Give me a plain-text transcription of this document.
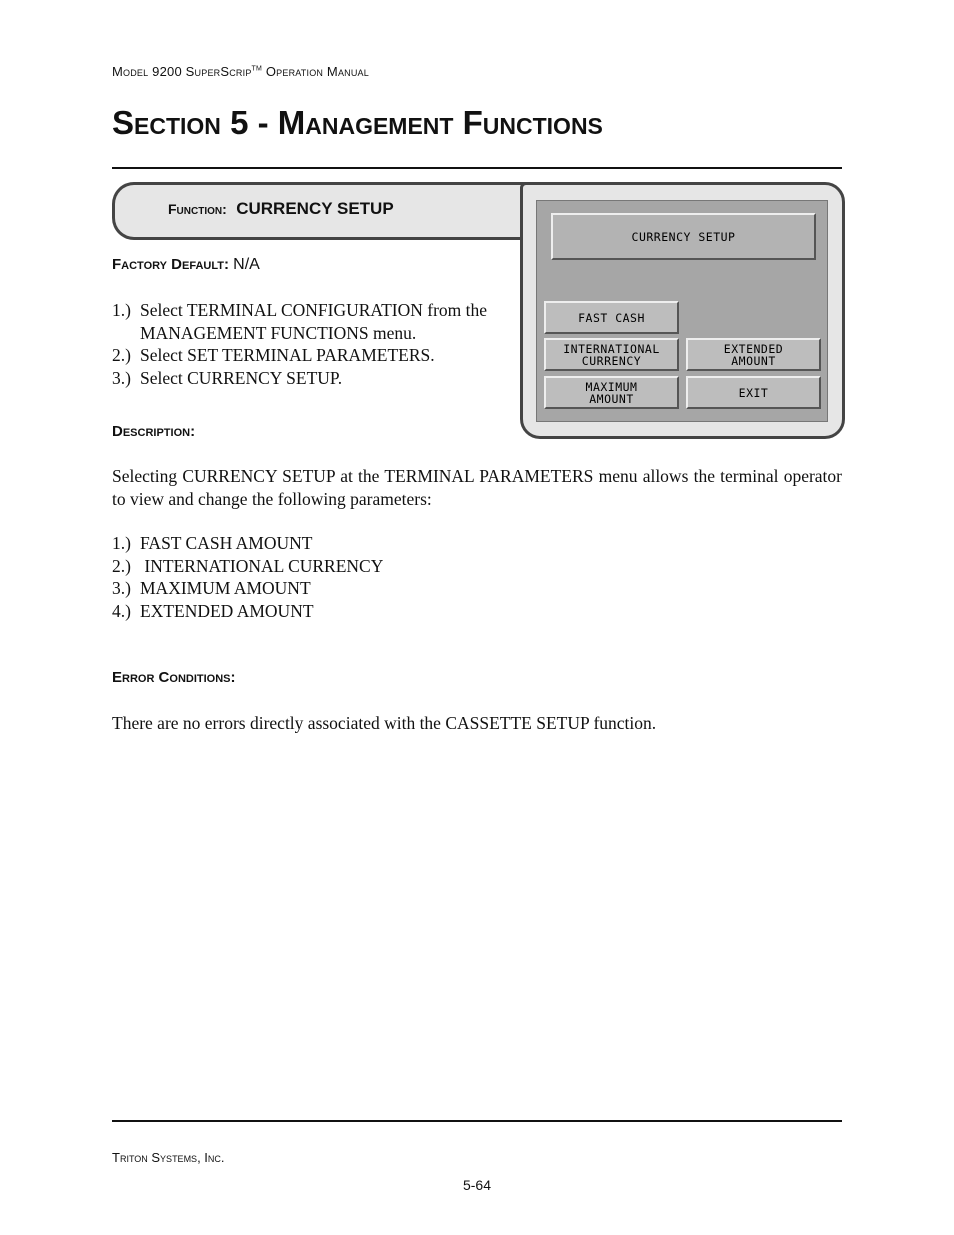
Model 9200 SuperScrip™ Operation Manual
Section 5 - Management Functions
Function: CURRENCY SETUP
CURRENCY SETUP
FAST CASH
INTERNATIONAL
CURRENCY
EXTENDED
AMOUNT
MAXIMUM
AMOUNT	EXIT
Factory Default: N/A
1.) Select TERMINAL CONFIGURATION from the MANAGEMENT FUNCTIONS menu.
2.) Select SET TERMINAL PARAMETERS.
3.) Select CURRENCY SETUP.
Description:
Selecting CURRENCY SETUP at the TERMINAL PARAMETERS menu allows the terminal operator to view and change the following parameters:
1.) FAST CASH AMOUNT
2.) INTERNATIONAL CURRENCY
3.) MAXIMUM AMOUNT
4.) EXTENDED AMOUNT
Error Conditions:
There are no errors directly associated with the CASSETTE SETUP function.
Triton Systems, Inc.
5-64
